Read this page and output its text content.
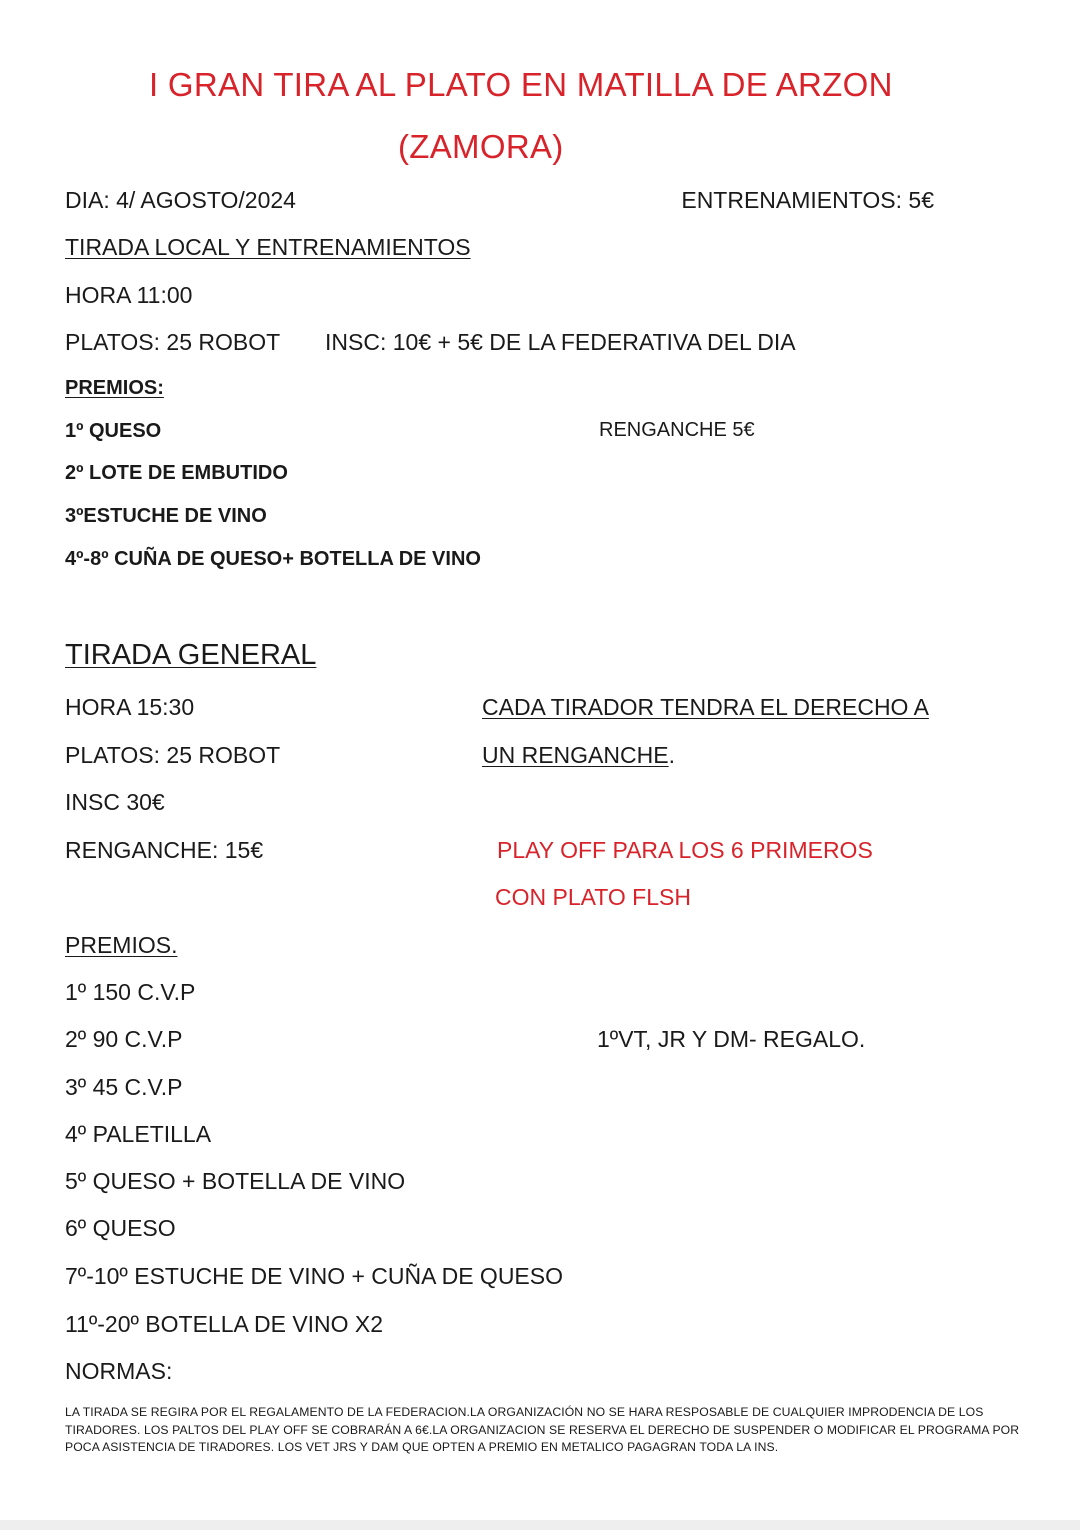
I GRAN TIRA AL PLATO EN MATILLA DE ARZON
(ZAMORA)
DIA: 4/ AGOSTO/2024	ENTRENAMIENTOS: 5€
TIRADA LOCAL Y ENTRENAMIENTOS
HORA 11:00
PLATOS: 25 ROBOT INSC: 10€ + 5€ DE LA FEDERATIVA DEL DIA
PREMIOS:
1º QUESO	RENGANCHE 5€
2º LOTE DE EMBUTIDO
3ºESTUCHE DE VINO
4º-8º CUÑA DE QUESO+ BOTELLA DE VINO
TIRADA GENERAL
HORA 15:30	CADA TIRADOR TENDRA EL DERECHO A
PLATOS: 25 ROBOT	UN RENGANCHE.
INSC 30€
RENGANCHE: 15€	PLAY OFF PARA LOS 6 PRIMEROS
CON PLATO FLSH
PREMIOS.
1º 150 C.V.P
2º 90 C.V.P	1ºVT, JR Y DM- REGALO.
3º 45 C.V.P
4º PALETILLA
5º QUESO + BOTELLA DE VINO
6º QUESO
7º-10º ESTUCHE DE VINO + CUÑA DE QUESO
11º-20º BOTELLA DE VINO X2
NORMAS:
LA TIRADA SE REGIRA POR EL REGALAMENTO DE LA FEDERACION.LA ORGANIZACIÓN NO SE HARA RESPOSABLE DE CUALQUIER IMPRODENCIA DE LOS TIRADORES. LOS PALTOS DEL PLAY OFF SE COBRARÁN A 6€.LA ORGANIZACION SE RESERVA EL DERECHO DE SUSPENDER O MODIFICAR EL PROGRAMA POR POCA ASISTENCIA DE TIRADORES. LOS VET JRS Y DAM QUE OPTEN A PREMIO EN METALICO PAGAGRAN TODA LA INS.
